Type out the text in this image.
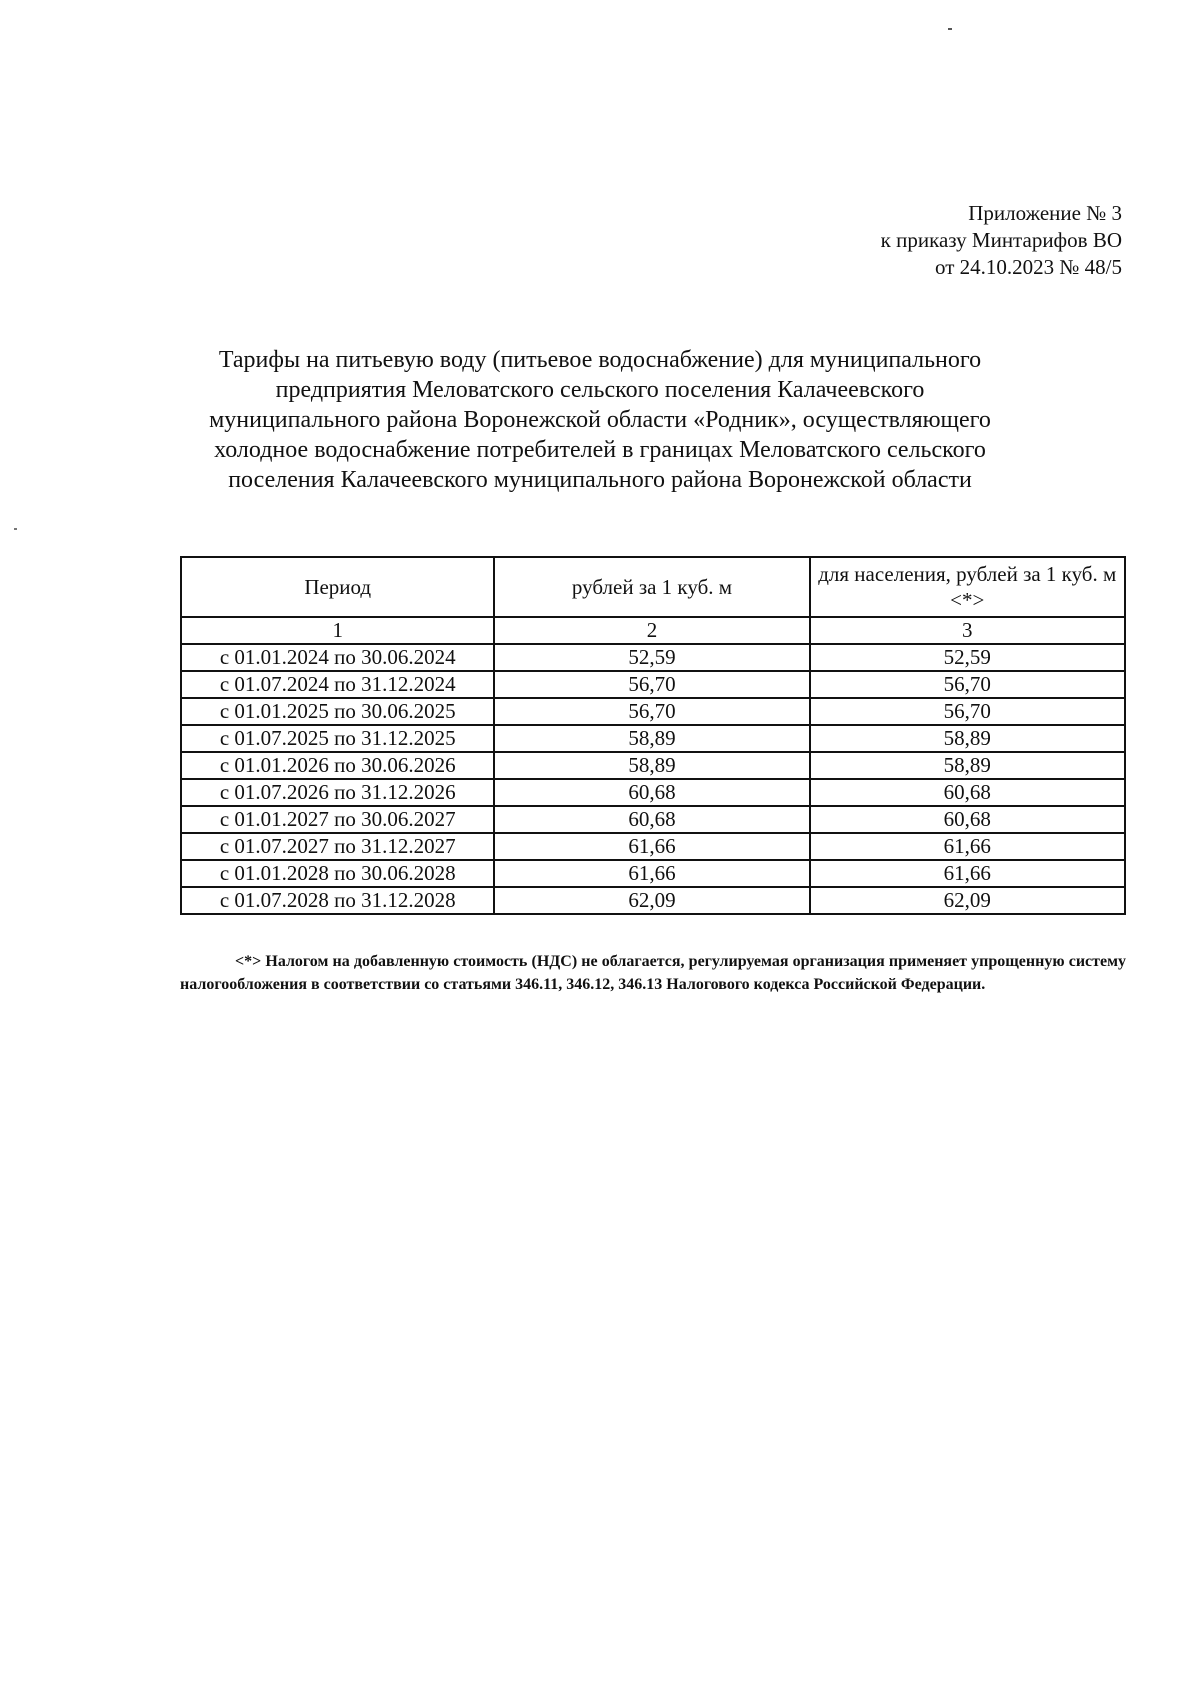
Приложение № 3
к приказу Минтарифов ВО
от 24.10.2023 № 48/5
Тарифы на питьевую воду (питьевое водоснабжение) для муниципального
предприятия Меловатского сельского поселения Калачеевского
муниципального района Воронежской области «Родник», осуществляющего
холодное водоснабжение потребителей в границах Меловатского сельского
поселения Калачеевского муниципального района Воронежской области
Период	рублей за 1 куб. м	для населения, рублей за 1 куб. м <*>
1	2	3
с 01.01.2024 по 30.06.2024	52,59	52,59
с 01.07.2024 по 31.12.2024	56,70	56,70
с 01.01.2025 по 30.06.2025	56,70	56,70
с 01.07.2025 по 31.12.2025	58,89	58,89
с 01.01.2026 по 30.06.2026	58,89	58,89
с 01.07.2026 по 31.12.2026	60,68	60,68
с 01.01.2027 по 30.06.2027	60,68	60,68
с 01.07.2027 по 31.12.2027	61,66	61,66
с 01.01.2028 по 30.06.2028	61,66	61,66
с 01.07.2028 по 31.12.2028	62,09	62,09
<*> Налогом на добавленную стоимость (НДС) не облагается, регулируемая организация применяет упрощенную систему налогообложения в соответствии со статьями 346.11, 346.12, 346.13 Налогового кодекса Российской Федерации.
